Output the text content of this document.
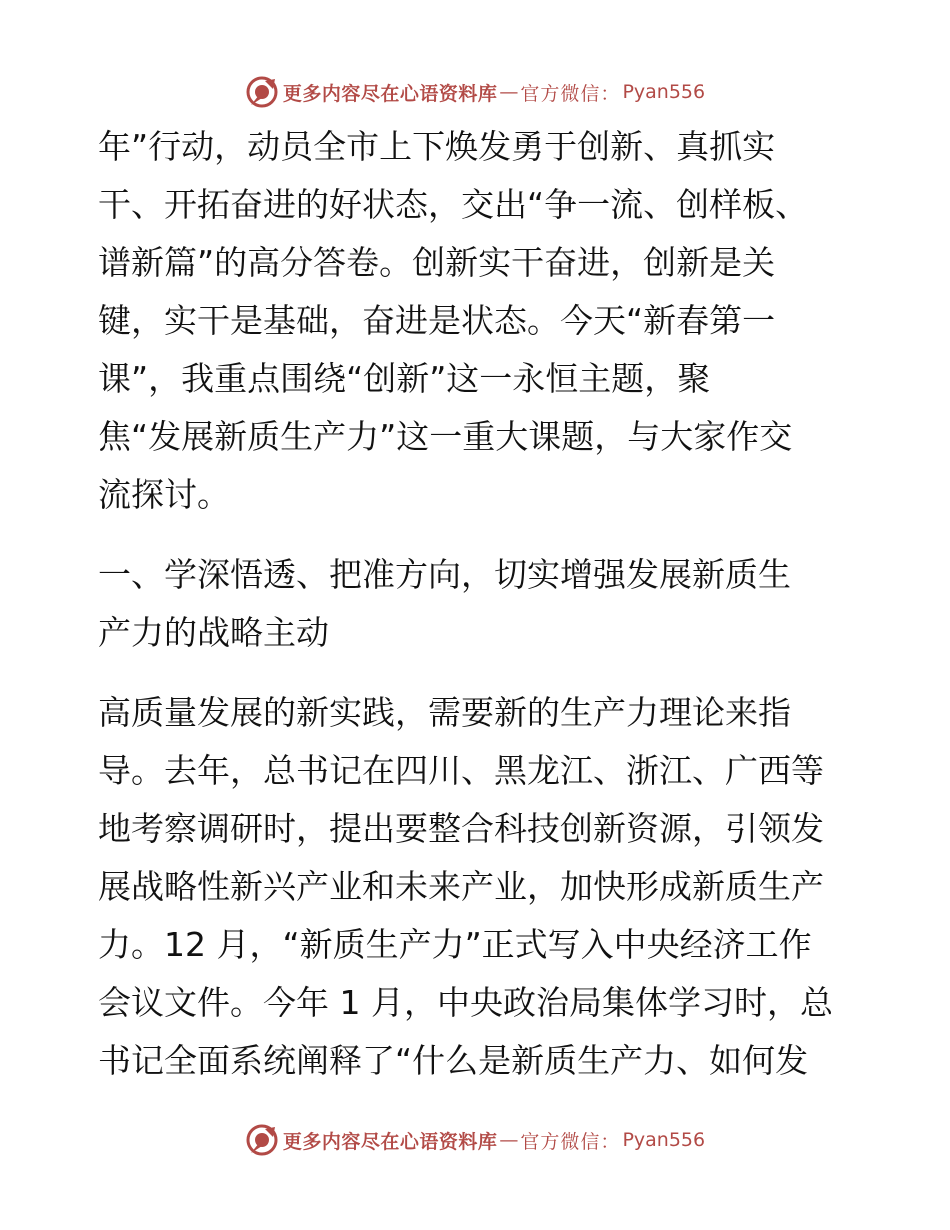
更多内容尽在心语资料库 — 官方微信： Pyan556
年”行动，动员全市上下焕发勇于创新、真抓实
干、开拓奋进的好状态，交出“争一流、创样板、
谱新篇”的高分答卷。创新实干奋进，创新是关
键，实干是基础，奋进是状态。今天“新春第一
课”，我重点围绕“创新”这一永恒主题，聚
焦“发展新质生产力”这一重大课题，与大家作交
流探讨。
一、学深悟透、把准方向，切实增强发展新质生
产力的战略主动
高质量发展的新实践，需要新的生产力理论来指
导。去年，总书记在四川、黑龙江、浙江、广西等
地考察调研时，提出要整合科技创新资源，引领发
展战略性新兴产业和未来产业，加快形成新质生产
力。12 月，“新质生产力”正式写入中央经济工作
会议文件。今年 1 月，中央政治局集体学习时，总
书记全面系统阐释了“什么是新质生产力、如何发
更多内容尽在心语资料库 — 官方微信： Pyan556
